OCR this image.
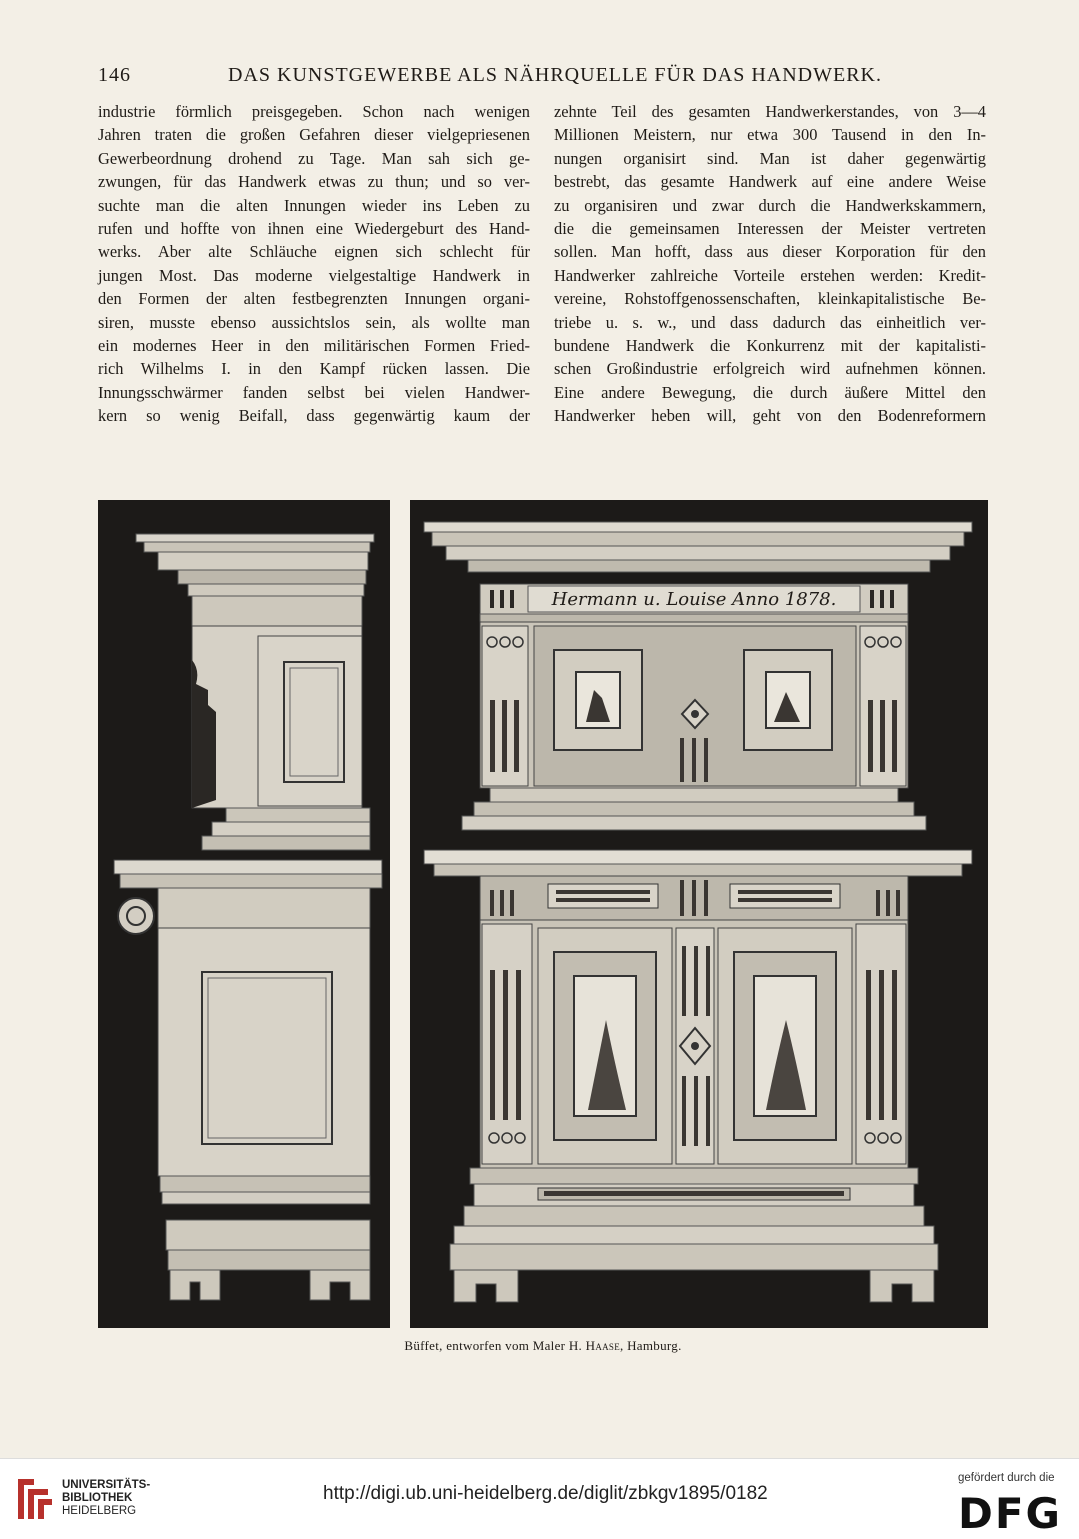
146	DAS KUNSTGEWERBE ALS NÄHRQUELLE FÜR DAS HANDWERK.
industrie förmlich preisgegeben. Schon nach wenigen
Jahren traten die großen Gefahren dieser vielgepriesenen
Gewerbeordnung drohend zu Tage. Man sah sich ge-
zwungen, für das Handwerk etwas zu thun; und so ver-
suchte man die alten Innungen wieder ins Leben zu
rufen und hoffte von ihnen eine Wiedergeburt des Hand-
werks. Aber alte Schläuche eignen sich schlecht für
jungen Most. Das moderne vielgestaltige Handwerk in
den Formen der alten festbegrenzten Innungen organi-
siren, musste ebenso aussichtslos sein, als wollte man
ein modernes Heer in den militärischen Formen Fried-
rich Wilhelms I. in den Kampf rücken lassen. Die
Innungsschwärmer fanden selbst bei vielen Handwer-
kern so wenig Beifall, dass gegenwärtig kaum der
zehnte Teil des gesamten Handwerkerstandes, von 3—4
Millionen Meistern, nur etwa 300 Tausend in den In-
nungen organisirt sind. Man ist daher gegenwärtig
bestrebt, das gesamte Handwerk auf eine andere Weise
zu organisiren und zwar durch die Handwerkskammern,
die die gemeinsamen Interessen der Meister vertreten
sollen. Man hofft, dass aus dieser Korporation für den
Handwerker zahlreiche Vorteile erstehen werden: Kredit-
vereine, Rohstoffgenossenschaften, kleinkapitalistische Be-
triebe u. s. w., und dass dadurch das einheitlich ver-
bundene Handwerk die Konkurrenz mit der kapitalisti-
schen Großindustrie erfolgreich wird aufnehmen können.
Eine andere Bewegung, die durch äußere Mittel den
Handwerker heben will, geht von den Bodenreformern
Hermann u. Louise Anno 1878.
Büffet, entworfen vom Maler H. Haase, Hamburg.
UNIVERSITÄTS-
BIBLIOTHEK
HEIDELBERG
http://digi.ub.uni-heidelberg.de/diglit/zbkgv1895/0182
gefördert durch die
DFG
